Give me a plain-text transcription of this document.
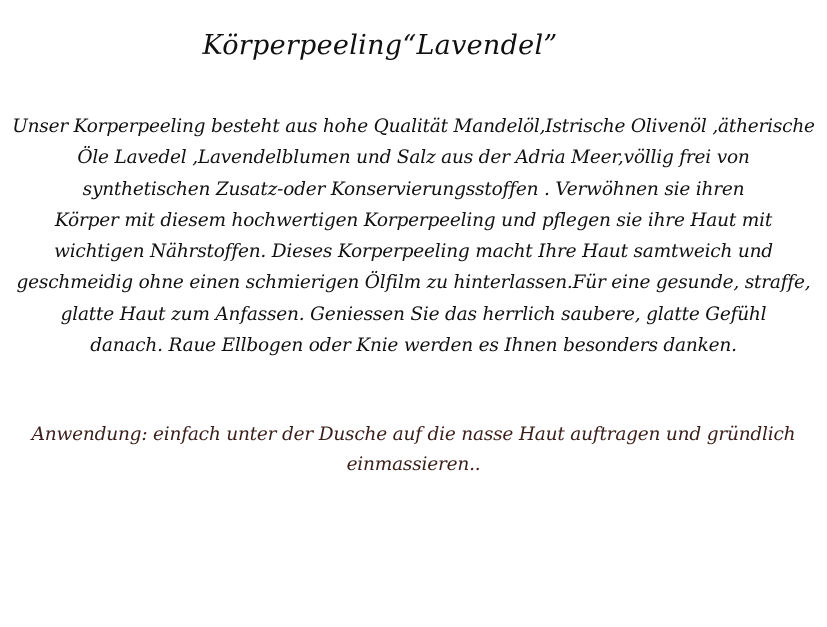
Körperpeeling“Lavendel”
Unser Korperpeeling besteht aus hohe Qualität Mandelöl,Istrische Olivenöl ,ätherische
Öle Lavedel ,Lavendelblumen und Salz aus der Adria Meer,völlig frei von
synthetischen Zusatz-oder Konservierungsstoffen . Verwöhnen sie ihren
Körper mit diesem hochwertigen Korperpeeling und pflegen sie ihre Haut mit
wichtigen Nährstoffen. Dieses Korperpeeling macht Ihre Haut samtweich und
geschmeidig ohne einen schmierigen Ölfilm zu hinterlassen.Für eine gesunde, straffe,
glatte Haut zum Anfassen. Geniessen Sie das herrlich saubere, glatte Gefühl
danach. Raue Ellbogen oder Knie werden es Ihnen besonders danken.
Anwendung: einfach unter der Dusche auf die nasse Haut auftragen und gründlich
einmassieren..
